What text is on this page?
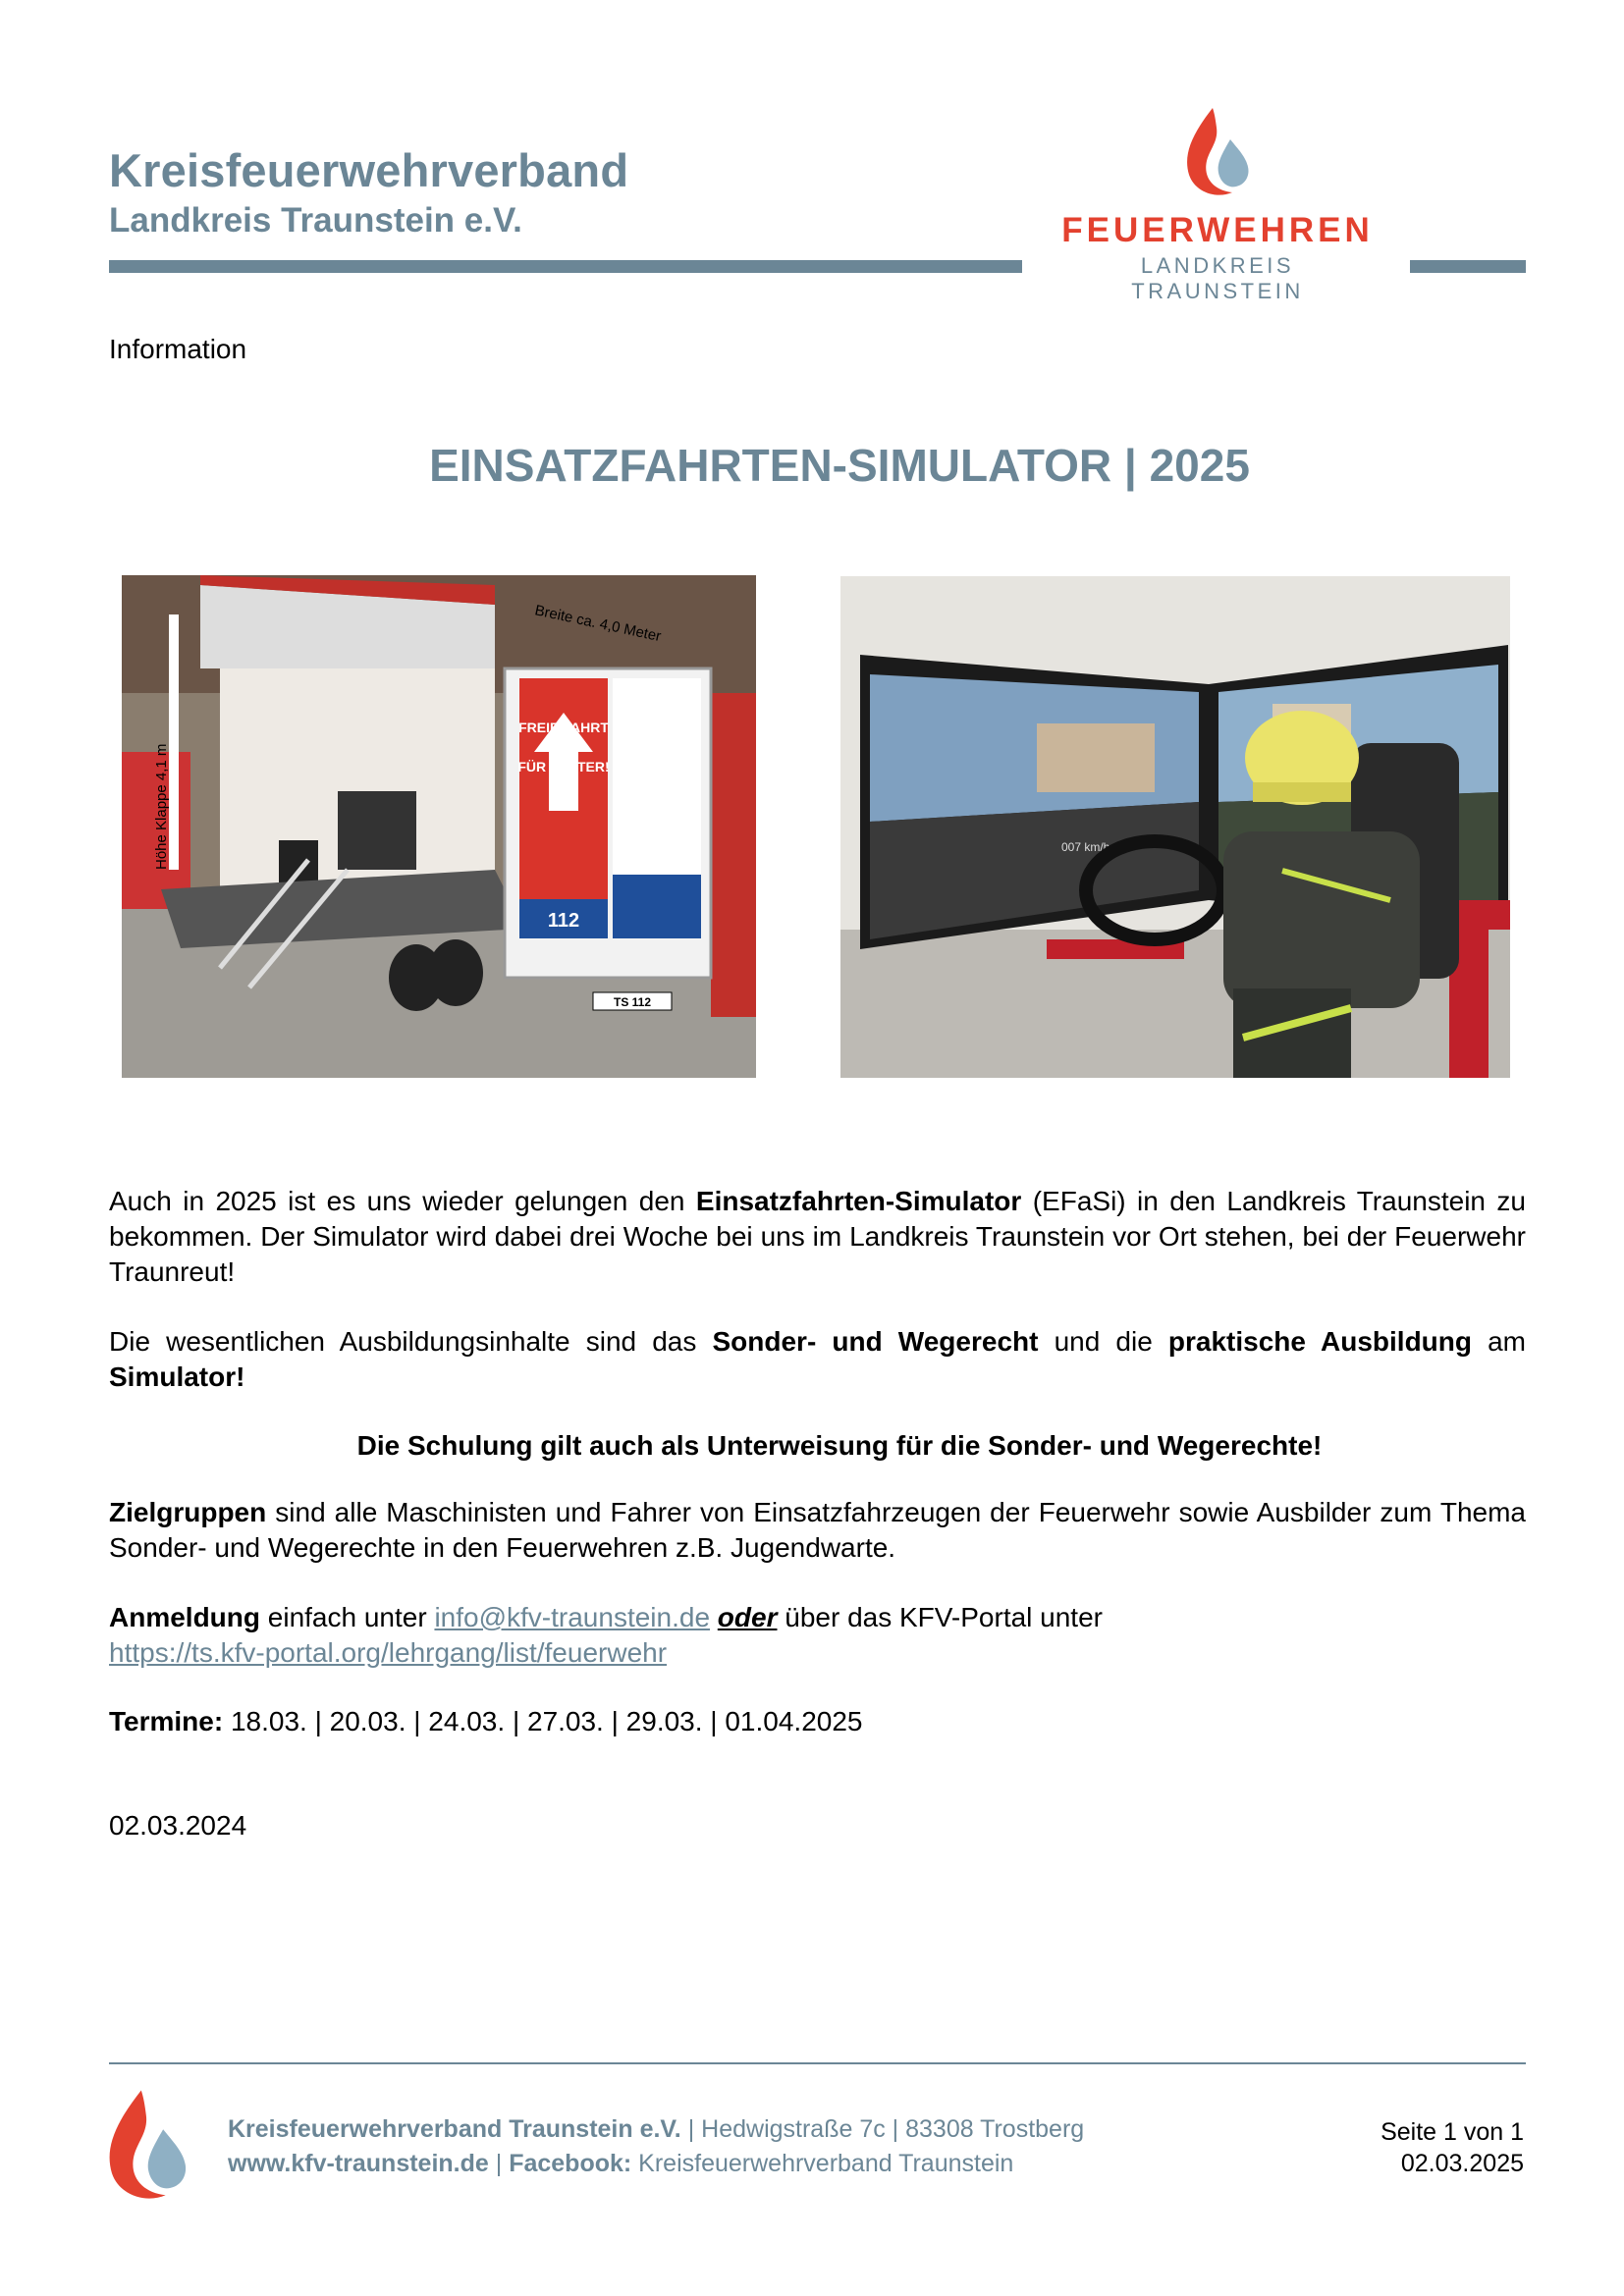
Kreisfeuerwehrverband
Landkreis Traunstein e.V.	FEUERWEHREN
LANDKREIS TRAUNSTEIN
Information
EINSATZFAHRTEN-SIMULATOR | 2025
FREIE FAHRT
FÜR RETTER!
112
TS 112
Höhe Klappe 4,1 m
Breite ca. 4,0 Meter
007 km/h
Auch in 2025 ist es uns wieder gelungen den Einsatzfahrten-Simulator (EFaSi) in den Landkreis Traunstein zu bekommen. Der Simulator wird dabei drei Woche bei uns im Landkreis Traunstein vor Ort stehen, bei der Feuerwehr Traunreut!
Die wesentlichen Ausbildungsinhalte sind das Sonder- und Wegerecht und die praktische Ausbildung am Simulator!
Die Schulung gilt auch als Unterweisung für die Sonder- und Wegerechte!
Zielgruppen sind alle Maschinisten und Fahrer von Einsatzfahrzeugen der Feuerwehr sowie Ausbilder zum Thema Sonder- und Wegerechte in den Feuerwehren z.B. Jugendwarte.
Anmeldung einfach unter info@kfv-traunstein.de oder über das KFV-Portal unter
https://ts.kfv-portal.org/lehrgang/list/feuerwehr
Termine: 18.03. | 20.03. | 24.03. | 27.03. | 29.03. | 01.04.2025
02.03.2024
Kreisfeuerwehrverband Traunstein e.V. | Hedwigstraße 7c | 83308 Trostberg
www.kfv-traunstein.de | Facebook: Kreisfeuerwehrverband Traunstein
Seite 1 von 1
02.03.2025
